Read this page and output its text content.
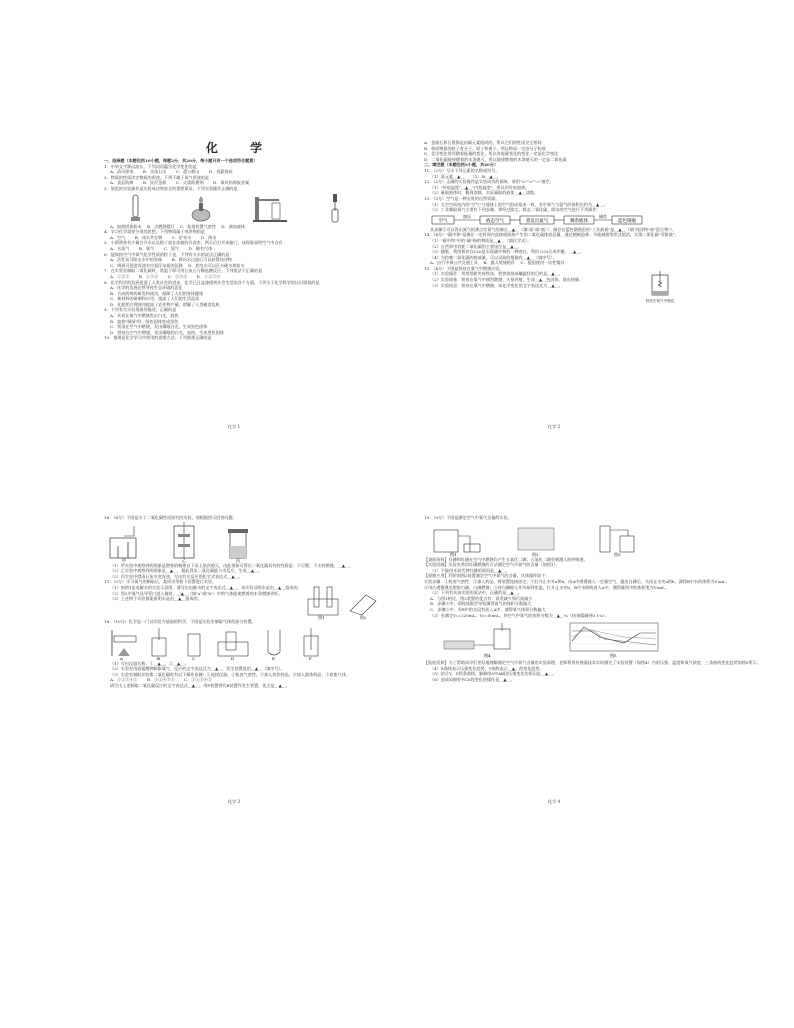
化 学
一、选择题（本题包括10小题，每题2分，共20分，每小题只有一个选项符合题意）
1．中华文字源远流长，下列词语蕴含化学变化的是
A．清风徐来 　　B．水落石出 　　C．愚公移山 　　D．伐薪烧炭
2．物质的性质决定物质的用途，下列不属于氧气用途的是
A．食品防腐 　　B．医疗急救 　　C．火箭助燃剂 　　D．氧炔焰焊接金属
3．规范的实验操作是实验成功和安全的重要保证，下列实验操作正确的是
A．加热固体粉末 　B．点燃酒精灯 　C．检查装置气密性 　D．滴加液体
4．学习化学需要分类的思想，下列物质属于纯净物的是
A．空气 　　B．冰水共存物 　　C．矿泉水 　　D．海水
5．小莉将装有少量白开水以及橙子放在冰箱的冷冻室，两天后打开冰箱门，该现象说明空气中含有
A．水蒸气 　　B．氧气 　　C．氮气 　　D．稀有气体
6．能保持空气中氧气化学性质的粒子是，下列有关水的说法正确的是
A．活性炭可除去水中的异味 　　B．将河水过滤后可以获得纯净物
C．明矾可促进浑浊水中悬浮杂质的沉降 　D．肥皂水可以区分硬水和软水
7．在实验室制取二氧化碳时，常温下即可用石灰石与稀盐酸反应，下列说法不正确的是
A．①②③ 　　B．①③④ 　　C．②③④ 　　D．①②③④
8．化学科学的发展促进了人类社会的进步，化学已日益渗透到社会生活的各个方面，下列关于化学科学的认识错误的是
A．化学的发展必然导致生态环境的恶化
B．合成药物的研发和使用，保障了人们的身体健康
C．新材料的研制和应用，提高了人们的生活品质
D．化肥的合理使用提高了农作物产量，缓解了人类粮食危机
9．下列有关实验现象的描述，正确的是
A．木炭在氧气中燃烧发出白光，放热
B．加热"铜绿"时，绿色固体变成黑色
C．镁条在空气中燃烧，发出耀眼白光，生成黑色固体
D．铁丝在空气中燃烧，发出耀眼的白光，放热，生成黑色固体
10．推理是化学学习中常用的思维方法，下列推理正确的是
化学 1
A．金刚石和石墨都是由碳元素组成的，所以它们的性质完全相同
B．构成物质的粒子有分子、原子和离子，所以物质一定由分子构成
C．化学变化常伴随着能量的变化，所以有能量变化的变化一定是化学变化
D．二氧化碳能使燃着的木条熄灭，所以能使燃着的木条熄灭的一定是二氧化碳
二、填空题（本题包括9小题，共40分）
11．（2分）写出下列元素的名称或符号。
（1）氮元素＿▲＿　　（2）Si＿▲＿。
12．（2分）正确的实验操作是实验成功的保障，请用"<"">""="填空。
（1）"外焰温度"＿▲＿"内焰温度"，所以用外焰加热。
（2）量取液体时，俯视读数，实际量取的液体＿▲＿读数。
13．（3分）空气是一种宝贵的自然资源。
（1）太空空间站内的"空气"与地球上的空气组成基本一致，其中氧气与氮气的体积比约为＿▲＿。
（2）工业制取氧气主要有下列步骤，将经过除尘、除去二氧化碳、除水的空气进行下列操作：
空气
加压
液态空气	蒸发出氮气	剩余液体
储存
蓝色钢瓶
从步骤②可以得出氮气的沸点比氧气的沸点＿▲＿（填"高"或"低"）；储存在蓝色钢瓶里的"工业液氧"是＿▲＿（填"纯净物"或"混合物"）。
14．（4分）"碳中和"是指在一定时间内直接或间接产生的二氧化碳排放总量，通过植树造林、节能减排等形式抵消，实现二氧化碳"零排放"。
（1）"碳中和"中的"碳"指的物质是＿▲＿（填化学式）。
（2）自然界中消耗二氧化碳的主要途径是＿▲＿。
（3）捕集、利用和封存CO₂是实现碳中和的一种途径，利用 CO₂合成甲醇，＿▲＿。
（4）为控制二氧化碳的排放量，可以采取的措施有＿▲＿（填序号）。
A．出行多乘公共交通工具 　B．露天焚烧秸秆 　C．提倡使用一次性餐具
15．（4分）下图是铁丝在氧气中燃烧实验。
（1）实验操作：用坩埚钳夹持铁丝，把铁丝绕成螺旋状的目的是＿▲＿。
（2）实验现象：铁丝在氧气中剧烈燃烧，火星四射，生成＿▲＿色固体，放出热量。
（3）实验结论：铁丝在氧气中燃烧，该化学变化的文字表达式为＿▲＿。
铁丝在氧气中燃烧
化学 2
16．（4分）下图是关于二氧化碳性质探究的实验，请根据图示回答问题。
甲	乙	丙
（1）甲实验中观察到的现象是燃着的蜡烛自下而上依次熄灭，由此现象可得出二氧化碳具有的性质是：不可燃、不支持燃烧、＿▲＿。
（2）乙实验中观察到的现象是＿▲＿，据此得出二氧化碳能与水反应，生成＿▲＿。
（3）丙实验中澄清石灰水变浑浊，写出有关反应的化学式表达式＿▲＿。
17．（5分）学习氧气的制取后，某同学用如下装置进行实验。
（1）如图1是电解水的实验示意图，请写出电解水的文字表达式＿▲＿，该实验证明水是由＿▲＿组成的。
（2）图2中氧气从导管口进入量筒，＿▲＿（填"a"或"b"）中的气体能使燃着的木条燃烧更旺。
（3）上述两个实验都能说明水是由＿▲＿组成的。
图1	图2
18．（10分）化学是一门以实验为基础的科学，下图是实验室制取气体的部分装置。
A	B	C	D	E	F
（1）写出仪器名称：①＿▲＿，②＿▲＿。
（2）实验室用高锰酸钾制取氧气，反应的文字表达式为＿▲＿，发生装置选用＿▲＿（填序号）。
（3）实验室制取并收集二氧化碳时有以下操作步骤：①连接仪器，②检查气密性，③加入块状药品，④加入液体药品，⑤收集气体。
A．①②③④⑤ 　　B．①②④③⑤ 　　C．②①③④⑤
请写出上述制取二氧化碳反应的文字表达式＿▲＿。用F装置替代B装置作发生装置，优点是＿▲＿。
化学 3
19．（9分）下图是测定空气中氧气含量的实验。
图1	图2	图3
【查阅资料】白磷和红磷在空气中燃烧均产生五氧化二磷；五氧化二磷会刺激人的呼吸道。
【实验回顾】实验室常用红磷燃烧的方法测定空气中氧气的含量（如图1）。
（1）不能用木炭代替红磷的原因是＿▲＿。
【原理应用】利用如图2装置测定空气中氧气的含量，具体操作如下：
实验步骤：①检查气密性；②加入药品，将装置连接固定；③打开止水夹a和b，向A中缓慢鼓入一定量空气，露出白磷后，关闭止水夹a和b，测得B中水的体积为V₁mL；
④用凸透镜聚光照射白磷，白磷燃烧；⑤待白磷熄灭并冷却到室温，打开止水夹b，B中水倒吸进入A中，测得量筒中的体积变为V₂mL。
（2）下列有关该实验的说法中，正确的是＿▲＿。
A．与图1相比，图2装置的优点有：误差减少和污染减少
B．步骤④中，仰视读数会导致测得氧气的体积分数偏大
C．步骤⑤中，若B中的水没有流入A中，测得氧气体积分数偏大
（3）若测定V₁=220mL，V₂=50mL，则空气中氧气的体积分数为＿▲＿%（结果精确到0.1%）。
图4	图5
【拓展延伸】为了帮助同学们更好地理解测定空气中氧气含量的实验原理，老师利用传感器技术实时测定了实验装置（如图4）内的压强、温度和氧气浓度，三条曲线变化趋势如图5所示。
（4）X曲线表示压强变化趋势，Y曲线表示＿▲＿的变化趋势。
（5）结合Y、Z两条曲线，解释图5中AB段压强变化的原因是＿▲＿。
（6）造成X曲线中CD段变化的操作是＿▲＿。
化学 4
